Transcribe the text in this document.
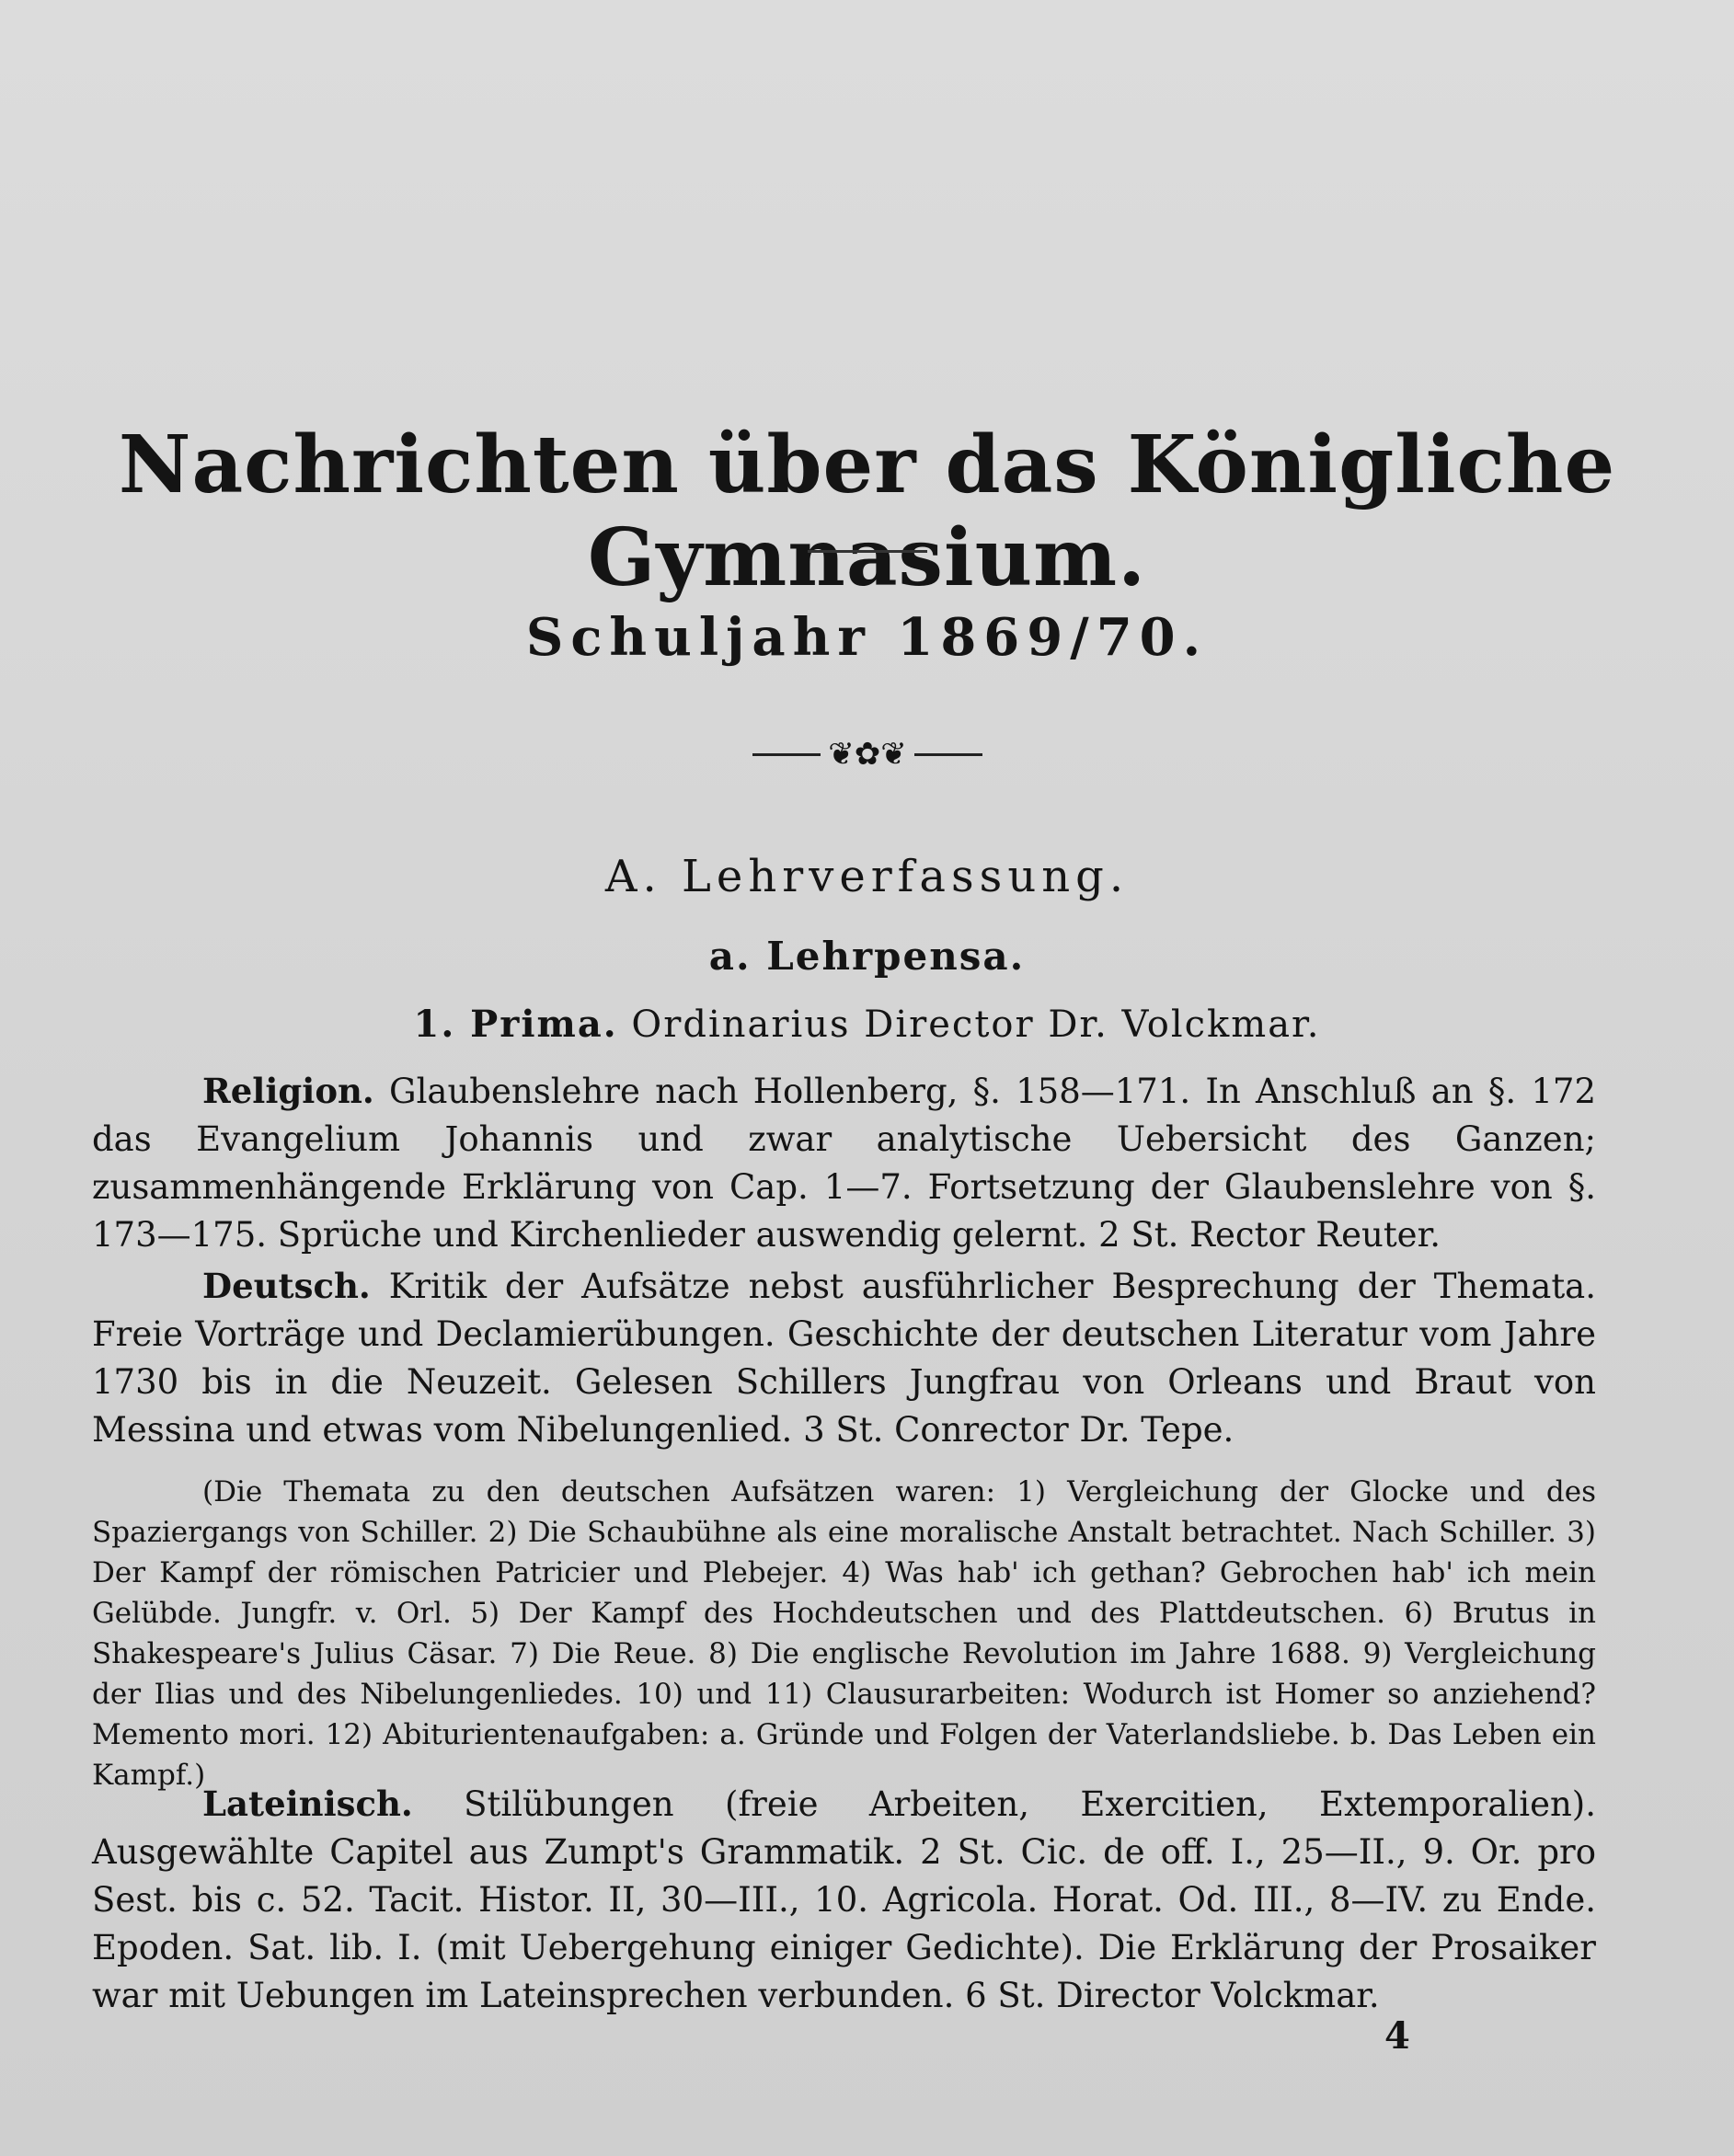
Nachrichten über das Königliche Gymnasium.
Schuljahr 1869/70.
❦✿❦
A. Lehrverfassung.
a. Lehrpensa.
1. Prima. Ordinarius Director Dr. Volckmar.
Religion. Glaubenslehre nach Hollenberg, §. 158—171. In Anschluß an §. 172 das Evangelium Johannis und zwar analytische Uebersicht des Ganzen; zusammenhängende Erklärung von Cap. 1—7. Fortsetzung der Glaubenslehre von §. 173—175. Sprüche und Kirchenlieder auswendig gelernt. 2 St. Rector Reuter.
Deutsch. Kritik der Aufsätze nebst ausführlicher Besprechung der Themata. Freie Vorträge und Declamierübungen. Geschichte der deutschen Literatur vom Jahre 1730 bis in die Neuzeit. Gelesen Schillers Jungfrau von Orleans und Braut von Messina und etwas vom Nibelungenlied. 3 St. Conrector Dr. Tepe.
(Die Themata zu den deutschen Aufsätzen waren: 1) Vergleichung der Glocke und des Spaziergangs von Schiller. 2) Die Schaubühne als eine moralische Anstalt betrachtet. Nach Schiller. 3) Der Kampf der römischen Patricier und Plebejer. 4) Was hab' ich gethan? Gebrochen hab' ich mein Gelübde. Jungfr. v. Orl. 5) Der Kampf des Hochdeutschen und des Plattdeutschen. 6) Brutus in Shakespeare's Julius Cäsar. 7) Die Reue. 8) Die englische Revolution im Jahre 1688. 9) Vergleichung der Ilias und des Nibelungenliedes. 10) und 11) Clausurarbeiten: Wodurch ist Homer so anziehend? Memento mori. 12) Abiturientenaufgaben: a. Gründe und Folgen der Vaterlandsliebe. b. Das Leben ein Kampf.)
Lateinisch. Stilübungen (freie Arbeiten, Exercitien, Extemporalien). Ausgewählte Capitel aus Zumpt's Grammatik. 2 St. Cic. de off. I., 25—II., 9. Or. pro Sest. bis c. 52. Tacit. Histor. II, 30—III., 10. Agricola. Horat. Od. III., 8—IV. zu Ende. Epoden. Sat. lib. I. (mit Uebergehung einiger Gedichte). Die Erklärung der Prosaiker war mit Uebungen im Lateinsprechen verbunden. 6 St. Director Volckmar.
4
